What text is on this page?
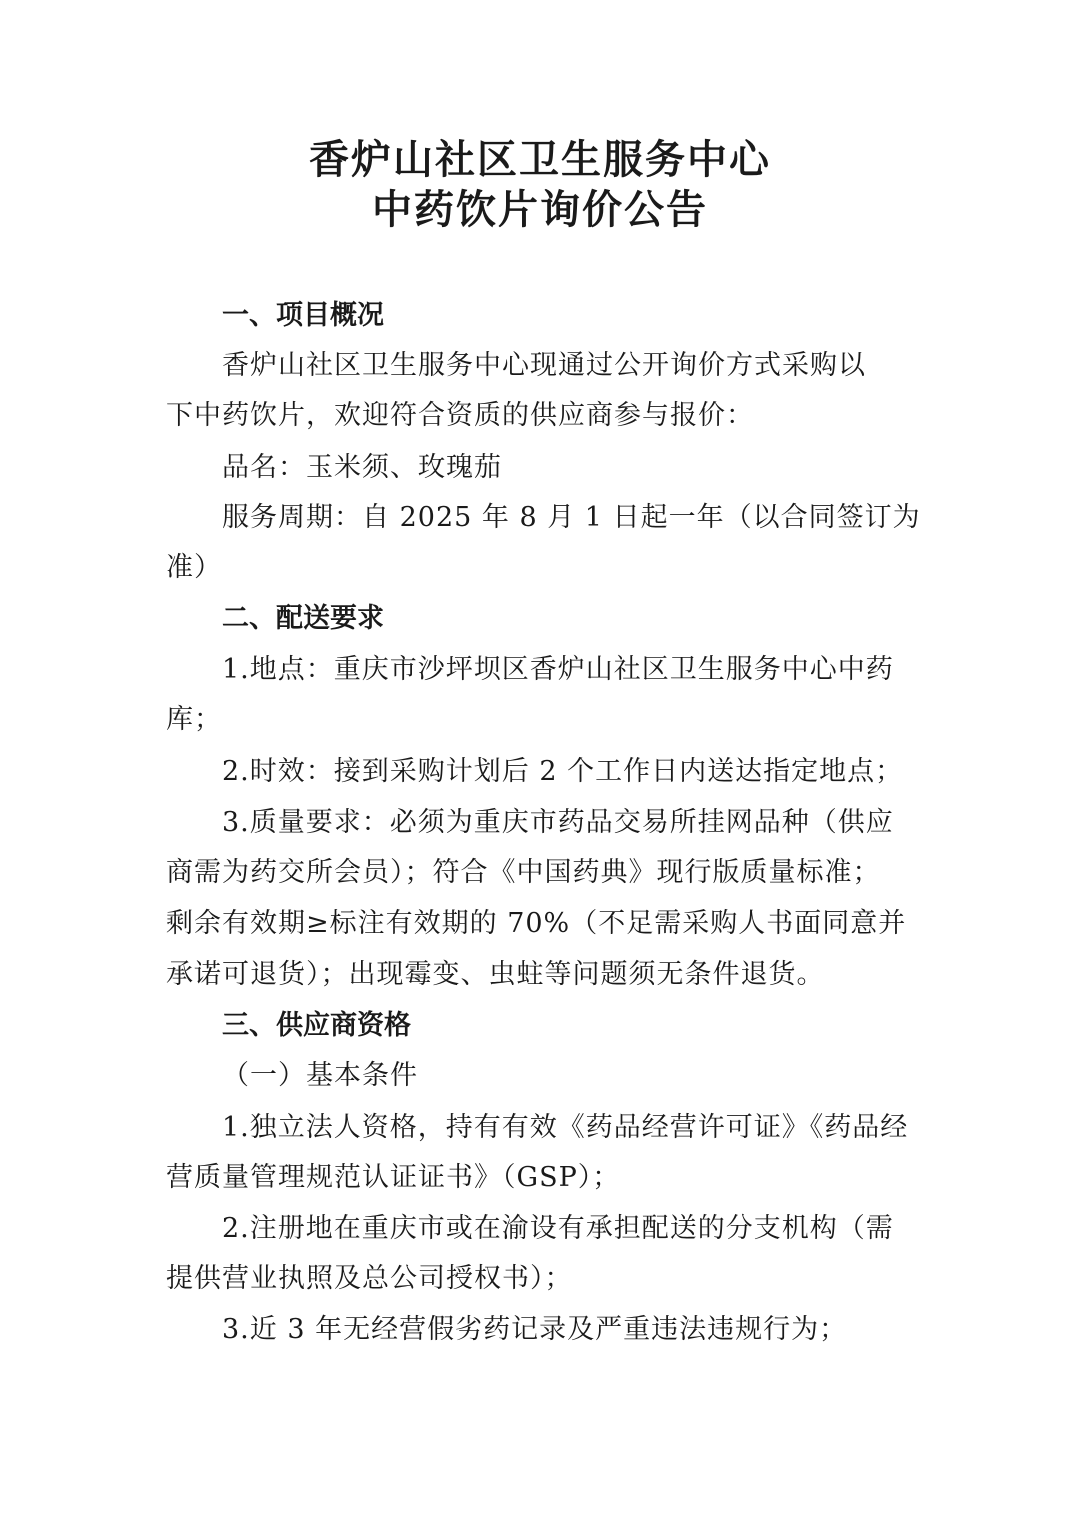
香炉山社区卫生服务中心
中药饮片询价公告
一、项目概况
香炉山社区卫生服务中心现通过公开询价方式采购以
下中药饮片，欢迎符合资质的供应商参与报价：
品名：玉米须、玫瑰茄
服务周期：自 2025 年 8 月 1 日起一年（以合同签订为
准）
二、配送要求
1.地点：重庆市沙坪坝区香炉山社区卫生服务中心中药
库；
2.时效：接到采购计划后 2 个工作日内送达指定地点；
3.质量要求：必须为重庆市药品交易所挂网品种（供应
商需为药交所会员）；符合《中国药典》现行版质量标准；
剩余有效期≥标注有效期的 70%（不足需采购人书面同意并
承诺可退货）；出现霉变、虫蛀等问题须无条件退货。
三、供应商资格
（一）基本条件
1.独立法人资格，持有有效《药品经营许可证》《药品经
营质量管理规范认证证书》（GSP）；
2.注册地在重庆市或在渝设有承担配送的分支机构（需
提供营业执照及总公司授权书）；
3.近 3 年无经营假劣药记录及严重违法违规行为；
